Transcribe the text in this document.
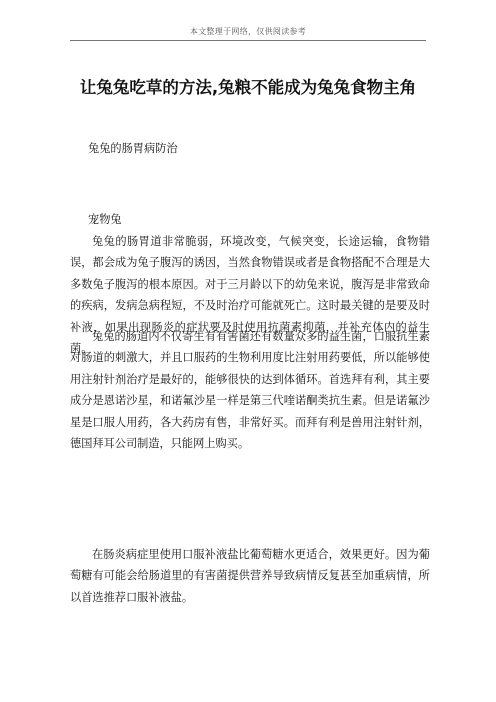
本文整理于网络，仅供阅读参考
让兔兔吃草的方法,兔粮不能成为兔兔食物主角
兔兔的肠胃病防治
宠物兔
兔兔的肠胃道非常脆弱，环境改变，气候突变，长途运输，食物错误，都会成为兔子腹泻的诱因，当然食物错误或者是食物搭配不合理是大多数兔子腹泻的根本原因。对于三月龄以下的幼兔来说，腹泻是非常致命的疾病，发病急病程短，不及时治疗可能就死亡。这时最关键的是要及时补液，如果出现肠炎的症状要及时使用抗菌素抑菌，并补充体内的益生菌。
兔兔的肠道内不仅寄生有有害菌还有数量众多的益生菌，口服抗生素对肠道的刺激大，并且口服药的生物利用度比注射用药要低，所以能够使用注射针剂治疗是最好的，能够很快的达到体循环。首选拜有利，其主要成分是恩诺沙星，和诺氟沙星一样是第三代喹诺酮类抗生素。但是诺氟沙星是口服人用药，各大药房有售，非常好买。而拜有利是兽用注射针剂，德国拜耳公司制造，只能网上购买。
在肠炎病症里使用口服补液盐比葡萄糖水更适合，效果更好。因为葡萄糖有可能会给肠道里的有害菌提供营养导致病情反复甚至加重病情，所以首选推荐口服补液盐。
